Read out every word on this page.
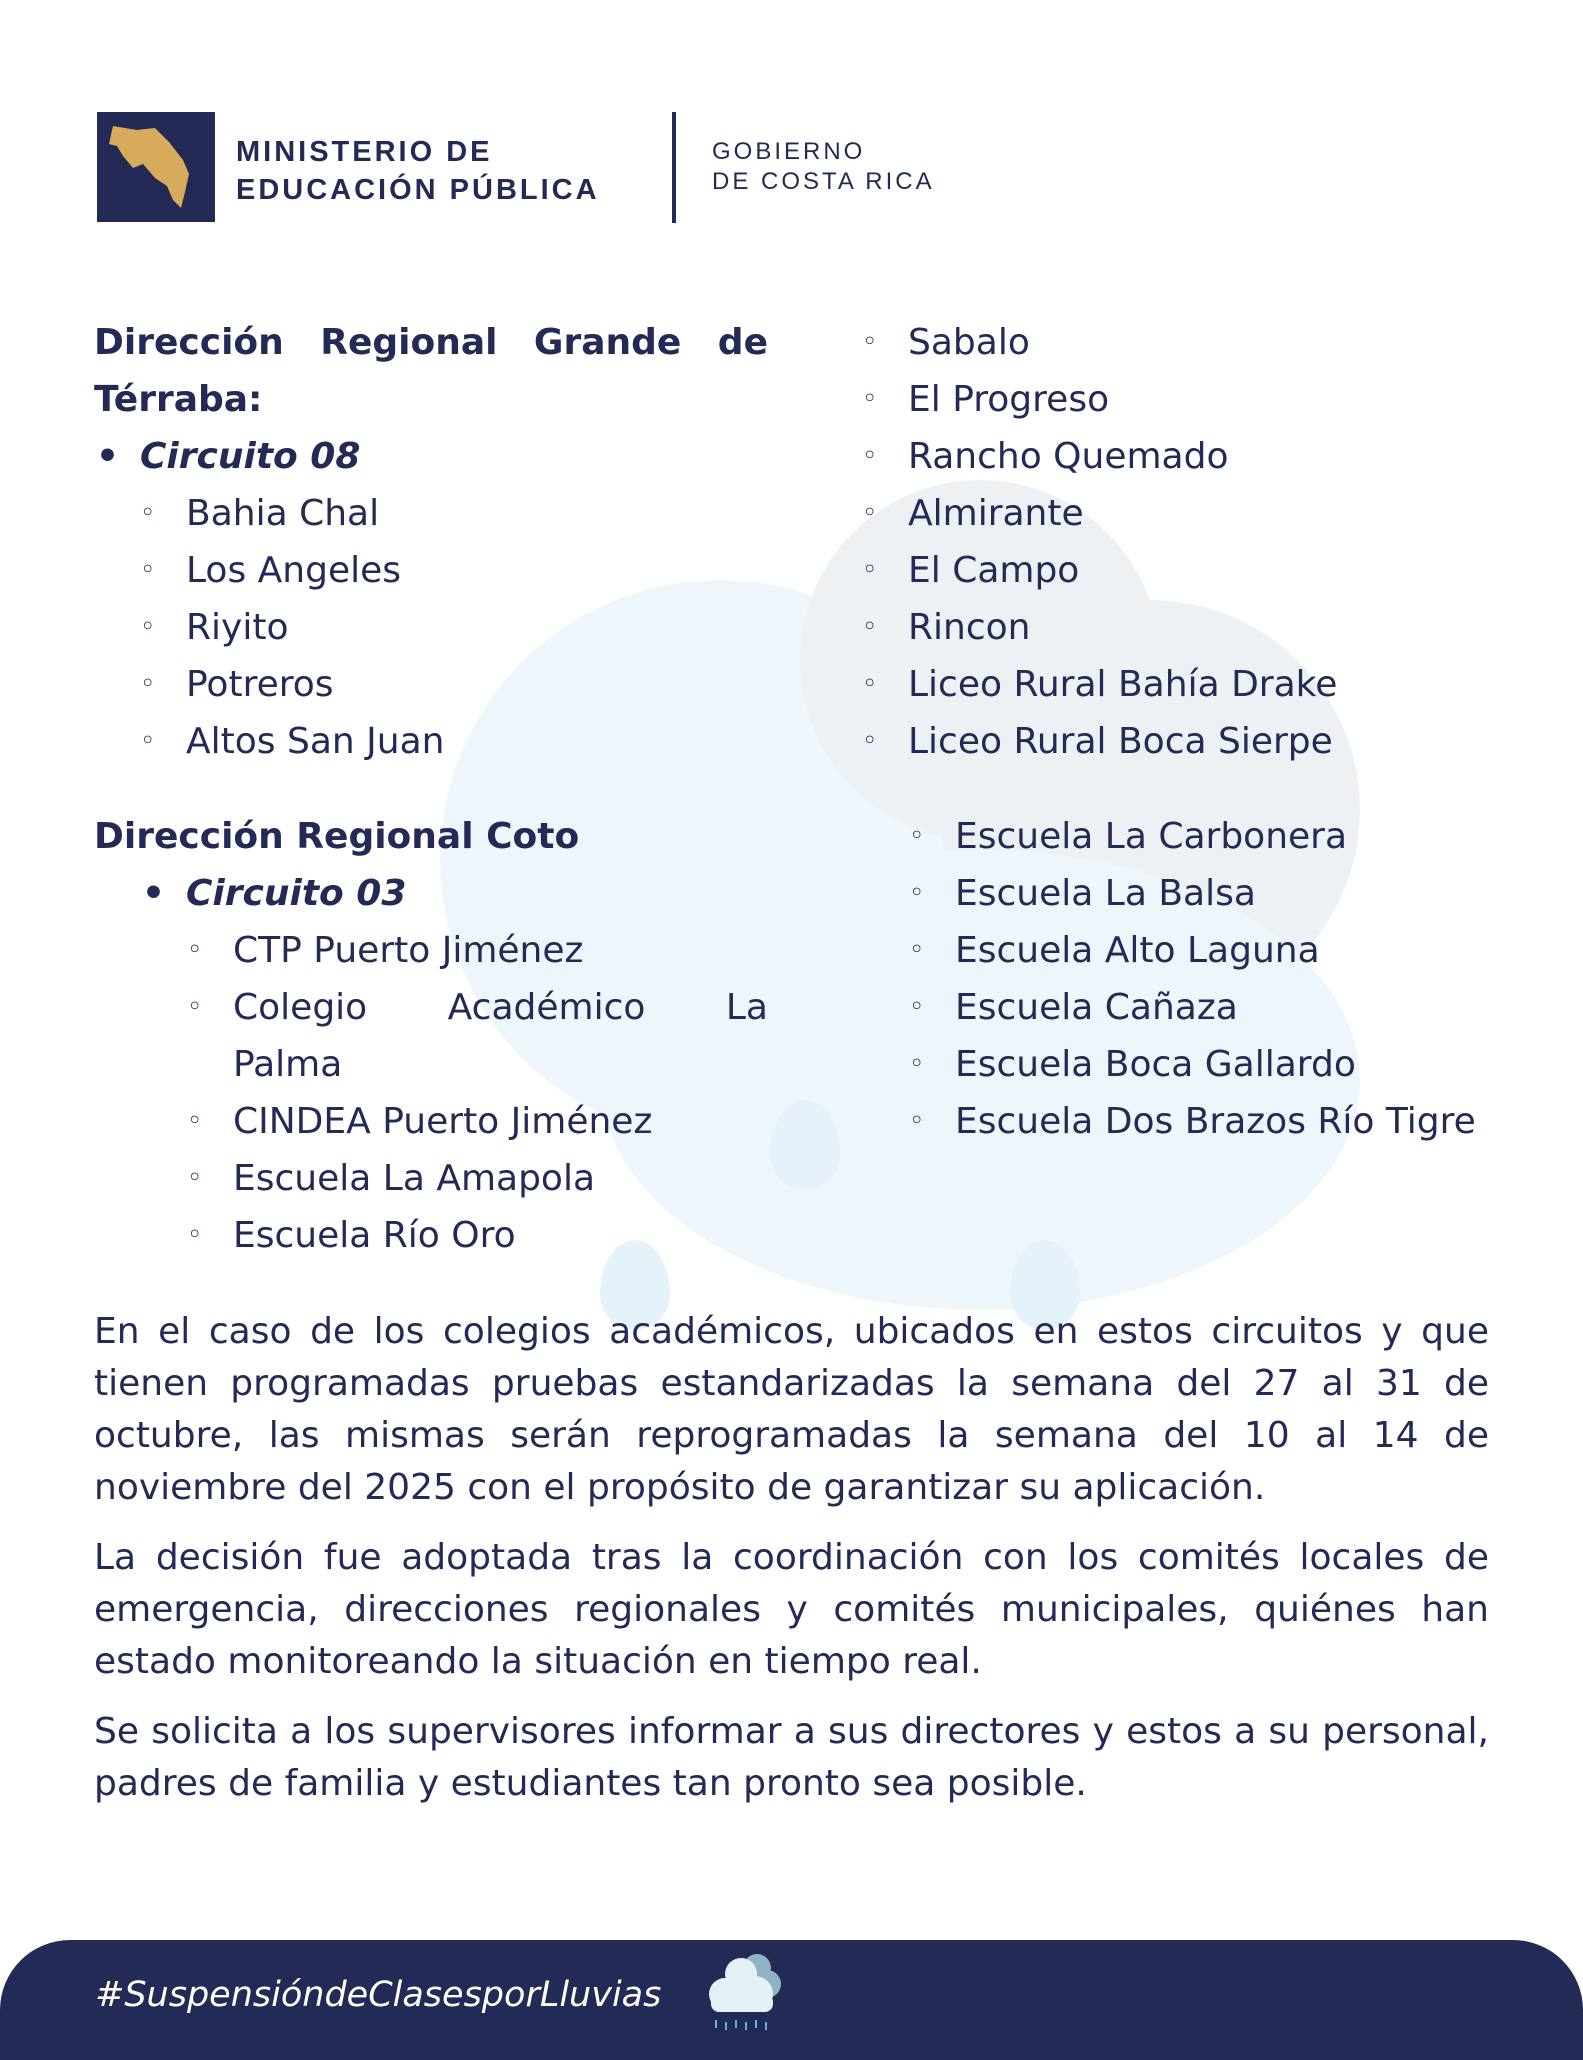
MINISTERIO DE
EDUCACIÓN PÚBLICA
GOBIERNO
DE COSTA RICA
Dirección Regional Grande de Térraba:
• Circuito 08
◦ Bahia Chal
◦ Los Angeles
◦ Riyito
◦ Potreros
◦ Altos San Juan
◦ Sabalo
◦ El Progreso
◦ Rancho Quemado
◦ Almirante
◦ El Campo
◦ Rincon
◦ Liceo Rural Bahía Drake
◦ Liceo Rural Boca Sierpe
Dirección Regional Coto
• Circuito 03
◦ CTP Puerto Jiménez
◦ Colegio Académico La Palma
◦ CINDEA Puerto Jiménez
◦ Escuela La Amapola
◦ Escuela Río Oro
◦ Escuela La Carbonera
◦ Escuela La Balsa
◦ Escuela Alto Laguna
◦ Escuela Cañaza
◦ Escuela Boca Gallardo
◦ Escuela Dos Brazos Río Tigre

En el caso de los colegios académicos, ubicados en estos circuitos y que tienen programadas pruebas estandarizadas la semana del 27 al 31 de octubre, las mismas serán reprogramadas la semana del 10 al 14 de noviembre del 2025 con el propósito de garantizar su aplicación.

La decisión fue adoptada tras la coordinación con los comités locales de emergencia, direcciones regionales y comités municipales, quiénes han estado monitoreando la situación en tiempo real.

Se solicita a los supervisores informar a sus directores y estos a su personal, padres de familia y estudiantes tan pronto sea posible.

#SuspensióndeClasesporLluvias
